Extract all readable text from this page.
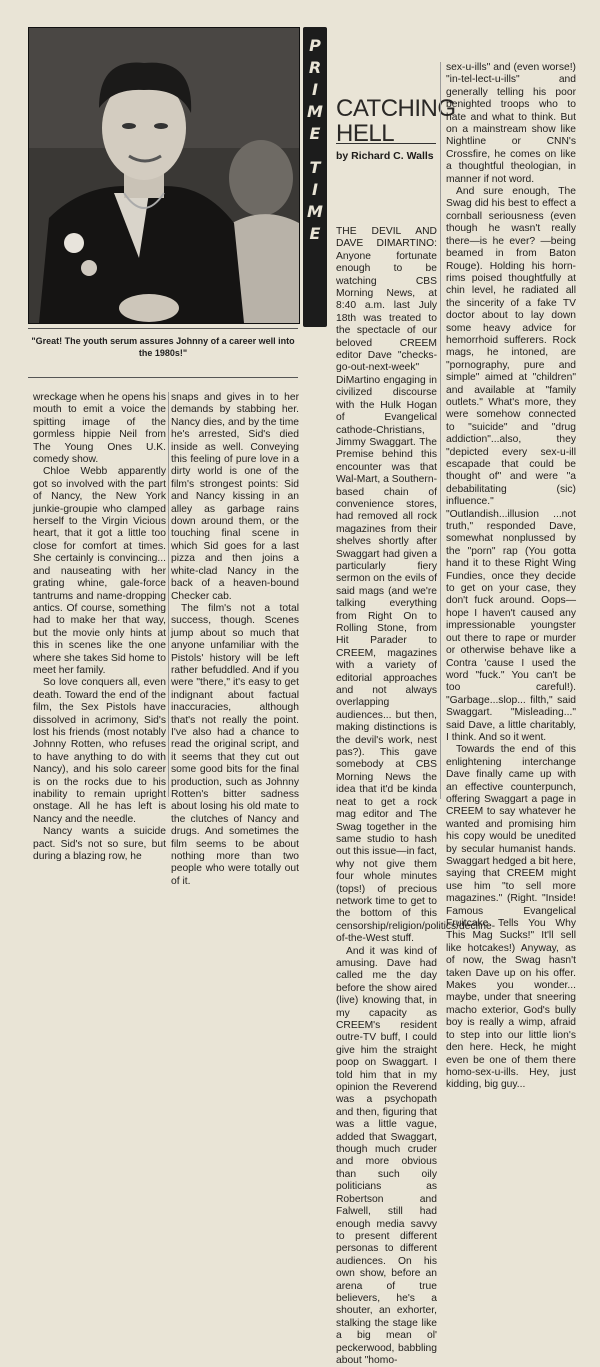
"Great! The youth serum assures Johnny of a career well into the 1980s!"
P
R
I
M
E
T
I
M
E
CATCHING
HELL
by Richard C. Walls

wreckage when he opens his mouth to emit a voice the spitting image of the gormless hippie Neil from The Young Ones U.K. comedy show.

Chloe Webb apparently got so involved with the part of Nancy, the New York junkie-groupie who clamped herself to the Virgin Vicious heart, that it got a little too close for comfort at times. She certainly is convincing... and nauseating with her grating whine, gale-force tantrums and name-dropping antics. Of course, something had to make her that way, but the movie only hints at this in scenes like the one where she takes Sid home to meet her family.

So love conquers all, even death. Toward the end of the film, the Sex Pistols have dissolved in acrimony, Sid's lost his friends (most notably Johnny Rotten, who refuses to have anything to do with Nancy), and his solo career is on the rocks due to his inability to remain upright onstage. All he has left is Nancy and the needle.

Nancy wants a suicide pact. Sid's not so sure, but during a blazing row, he

snaps and gives in to her demands by stabbing her. Nancy dies, and by the time he's arrested, Sid's died inside as well. Conveying this feeling of pure love in a dirty world is one of the film's strongest points: Sid and Nancy kissing in an alley as garbage rains down around them, or the touching final scene in which Sid goes for a last pizza and then joins a white-clad Nancy in the back of a heaven-bound Checker cab.

The film's not a total success, though. Scenes jump about so much that anyone unfamiliar with the Pistols' history will be left rather befuddled. And if you were "there," it's easy to get indignant about factual inaccuracies, although that's not really the point. I've also had a chance to read the original script, and it seems that they cut out some good bits for the final production, such as Johnny Rotten's bitter sadness about losing his old mate to the clutches of Nancy and drugs. And sometimes the film seems to be about nothing more than two people who were totally out of it.

THE DEVIL AND DAVE DIMARTINO: Anyone fortunate enough to be watching CBS Morning News, at 8:40 a.m. last July 18th was treated to the spectacle of our beloved CREEM editor Dave "checks-go-out-next-week" DiMartino engaging in civilized discourse with the Hulk Hogan of Evangelical cathode-Christians, Jimmy Swaggart. The Premise behind this encounter was that Wal-Mart, a Southern-based chain of convenience stores, had removed all rock magazines from their shelves shortly after Swaggart had given a particularly fiery sermon on the evils of said mags (and we're talking everything from Right On to Rolling Stone, from Hit Parader to CREEM, magazines with a variety of editorial approaches and not always overlapping audiences... but then, making distinctions is the devil's work, nest pas?). This gave somebody at CBS Morning News the idea that it'd be kinda neat to get a rock mag editor and The Swag together in the same studio to hash out this issue—in fact, why not give them four whole minutes (tops!) of precious network time to get to the bottom of this censorship/religion/politics/decline-of-the-West stuff.

And it was kind of amusing. Dave had called me the day before the show aired (live) knowing that, in my capacity as CREEM's resident outre-TV buff, I could give him the straight poop on Swaggart. I told him that in my opinion the Reverend was a psychopath and then, figuring that was a little vague, added that Swaggart, though much cruder and more obvious than such oily politicians as Robertson and Falwell, still had enough media savvy to present different personas to different audiences. On his own show, before an arena of true believers, he's a shouter, an exhorter, stalking the stage like a big mean ol' peckerwood, babbling about "homo-

sex-u-ills" and (even worse!) "in-tel-lect-u-ills" and generally telling his poor benighted troops who to hate and what to think. But on a mainstream show like Nightline or CNN's Crossfire, he comes on like a thoughtful theologian, in manner if not word.

And sure enough, The Swag did his best to effect a cornball seriousness (even though he wasn't really there—is he ever? —being beamed in from Baton Rouge). Holding his horn-rims poised thoughtfully at chin level, he radiated all the sincerity of a fake TV doctor about to lay down some heavy advice for hemorrhoid sufferers. Rock mags, he intoned, are "pornography, pure and simple" aimed at "children" and available at "family outlets." What's more, they were somehow connected to "suicide" and "drug addiction"...also, they "depicted every sex-u-ill escapade that could be thought of" and were "a debabilitating (sic) influence." "Outlandish...illusion ...not truth," responded Dave, somewhat nonplussed by the "porn" rap (You gotta hand it to these Right Wing Fundies, once they decide to get on your case, they don't fuck around. Oops—hope I haven't caused any impressionable youngster out there to rape or murder or otherwise behave like a Contra 'cause I used the word "fuck." You can't be too careful!). "Garbage...slop... filth," said Swaggart. "Misleading..." said Dave, a little charitably, I think. And so it went.

Towards the end of this enlightening interchange Dave finally came up with an effective counterpunch, offering Swaggart a page in CREEM to say whatever he wanted and promising him his copy would be unedited by secular humanist hands. Swaggart hedged a bit here, saying that CREEM might use him "to sell more magazines." (Right. "Inside! Famous Evangelical Fruitcake Tells You Why This Mag Sucks!" It'll sell like hotcakes!) Anyway, as of now, the Swag hasn't taken Dave up on his offer. Makes you wonder... maybe, under that sneering macho exterior, God's bully boy is really a wimp, afraid to step into our little lion's den here. Heck, he might even be one of them there homo-sex-u-ills. Hey, just kidding, big guy...
